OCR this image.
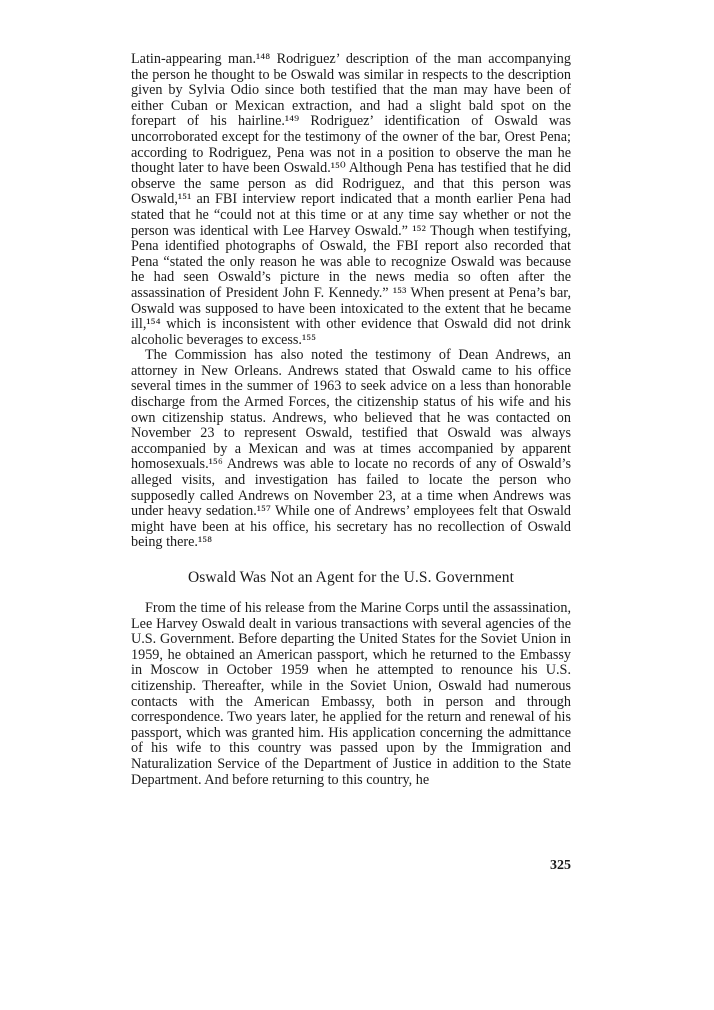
Latin-appearing man.¹⁴⁸ Rodriguez’ description of the man accompanying the person he thought to be Oswald was similar in respects to the description given by Sylvia Odio since both testified that the man may have been of either Cuban or Mexican extraction, and had a slight bald spot on the forepart of his hairline.¹⁴⁹ Rodriguez’ identification of Oswald was uncorroborated except for the testimony of the owner of the bar, Orest Pena; according to Rodriguez, Pena was not in a position to observe the man he thought later to have been Oswald.¹⁵⁰ Although Pena has testified that he did observe the same person as did Rodriguez, and that this person was Oswald,¹⁵¹ an FBI interview report indicated that a month earlier Pena had stated that he “could not at this time or at any time say whether or not the person was identical with Lee Harvey Oswald.” ¹⁵² Though when testifying, Pena identified photographs of Oswald, the FBI report also recorded that Pena “stated the only reason he was able to recognize Oswald was because he had seen Oswald’s picture in the news media so often after the assassination of President John F. Kennedy.” ¹⁵³ When present at Pena’s bar, Oswald was supposed to have been intoxicated to the extent that he became ill,¹⁵⁴ which is inconsistent with other evidence that Oswald did not drink alcoholic beverages to excess.¹⁵⁵

The Commission has also noted the testimony of Dean Andrews, an attorney in New Orleans. Andrews stated that Oswald came to his office several times in the summer of 1963 to seek advice on a less than honorable discharge from the Armed Forces, the citizenship status of his wife and his own citizenship status. Andrews, who believed that he was contacted on November 23 to represent Oswald, testified that Oswald was always accompanied by a Mexican and was at times accompanied by apparent homosexuals.¹⁵⁶ Andrews was able to locate no records of any of Oswald’s alleged visits, and investigation has failed to locate the person who supposedly called Andrews on November 23, at a time when Andrews was under heavy sedation.¹⁵⁷ While one of Andrews’ employees felt that Oswald might have been at his office, his secretary has no recollection of Oswald being there.¹⁵⁸

Oswald Was Not an Agent for the U.S. Government

From the time of his release from the Marine Corps until the assassination, Lee Harvey Oswald dealt in various transactions with several agencies of the U.S. Government. Before departing the United States for the Soviet Union in 1959, he obtained an American passport, which he returned to the Embassy in Moscow in October 1959 when he attempted to renounce his U.S. citizenship. Thereafter, while in the Soviet Union, Oswald had numerous contacts with the American Embassy, both in person and through correspondence. Two years later, he applied for the return and renewal of his passport, which was granted him. His application concerning the admittance of his wife to this country was passed upon by the Immigration and Naturalization Service of the Department of Justice in addition to the State Department. And before returning to this country, he

325
